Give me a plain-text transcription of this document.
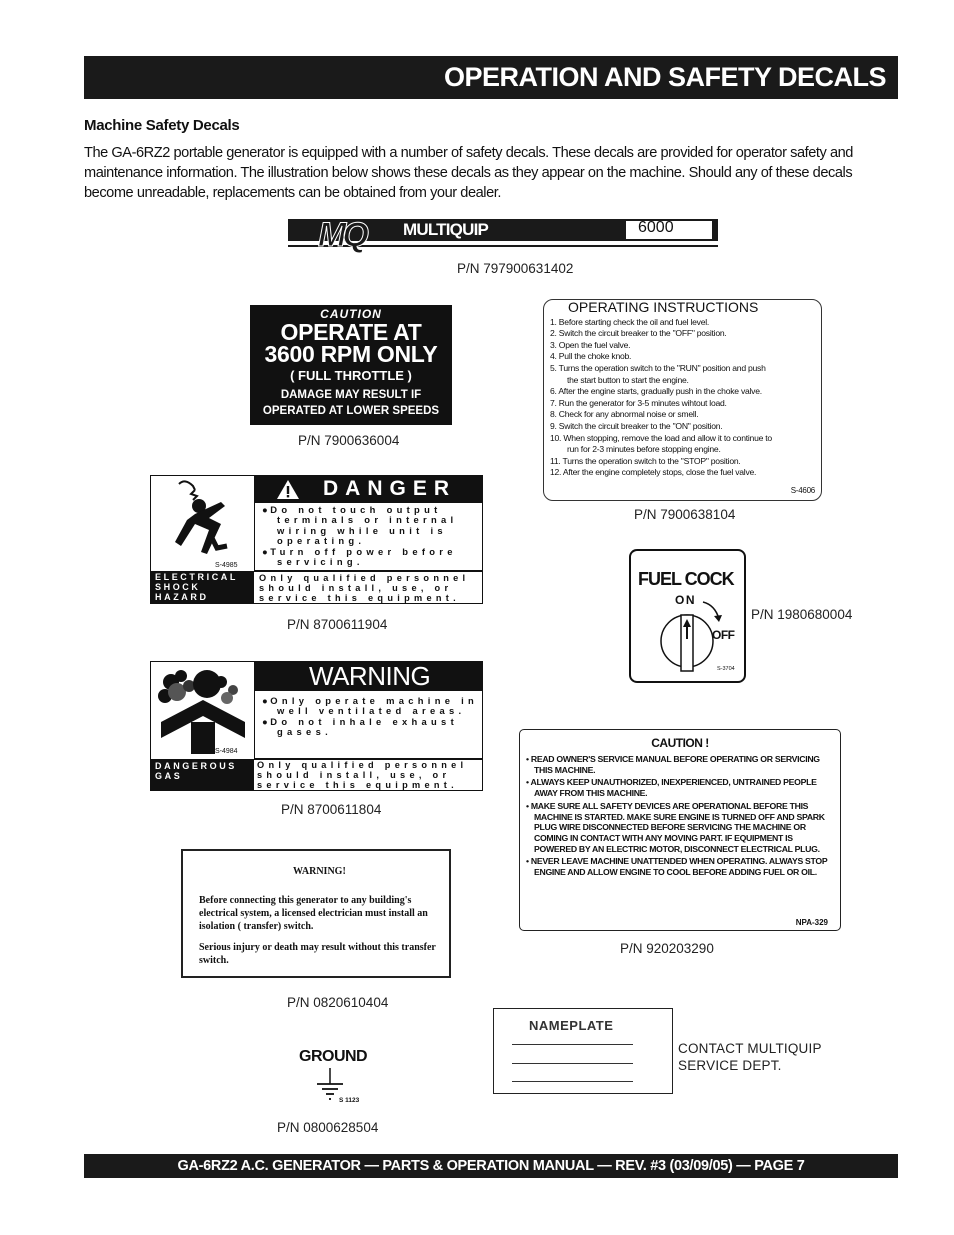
OPERATION AND SAFETY DECALS
Machine Safety Decals
The GA-6RZ2 portable generator is equipped with a number of safety decals. These decals are provided for operator safety and maintenance information. The illustration below shows these decals as they appear on the machine. Should any of these decals become unreadable, replacements can be obtained from your dealer.
MQ MULTIQUIP	6000
P/N 797900631402
CAUTION
OPERATE AT
3600 RPM ONLY
( FULL THROTTLE )
DAMAGE MAY RESULT IF
OPERATED AT LOWER SPEEDS
P/N 7900636004
OPERATING INSTRUCTIONS
1. Before starting check the oil and fuel level.
2. Switch the circuit breaker to the "OFF" position.
3. Open the fuel valve.
4. Pull the choke knob.
5. Turns the operation switch to the "RUN" position and push
the start button to start the engine.
6. After the engine starts, gradually push in the choke valve.
7. Run the generator for 3-5 minutes wihtout load.
8. Check for any abnormal noise or smell.
9. Switch the circuit breaker to the "ON" position.
10. When stopping, remove the load and allow it to continue to
run for 2-3 minutes before stopping engine.
11. Turns the operation switch to the "STOP" position.
12. After the engine completely stops, close the fuel valve.
S-4606
P/N 7900638104
S-4985
DANGER
● Do not touch output terminals or internal wiring while unit is operating.
● Turn off power before servicing.
ELECTRICAL SHOCK HAZARD
Only qualified personnel should install, use, or service this equipment.
P/N 8700611904
FUEL COCK
ON
OFF
S-3704
P/N 1980680004
S-4984
WARNING
● Only operate machine in well ventilated areas.
● Do not inhale exhaust gases.
DANGEROUS GAS
Only qualified personnel should install, use, or service this equipment.
P/N 8700611804
CAUTION !
• READ OWNER'S SERVICE MANUAL BEFORE OPERATING OR SERVICING THIS MACHINE.
• ALWAYS KEEP UNAUTHORIZED, INEXPERIENCED, UNTRAINED PEOPLE AWAY FROM THIS MACHINE.
• MAKE SURE ALL SAFETY DEVICES ARE OPERATIONAL BEFORE THIS MACHINE IS STARTED. MAKE SURE ENGINE IS TURNED OFF AND SPARK PLUG WIRE DISCONNECTED BEFORE SERVICING THE MACHINE OR COMING IN CONTACT WITH ANY MOVING PART. IF EQUIPMENT IS POWERED BY AN ELECTRIC MOTOR, DISCONNECT ELECTRICAL PLUG.
• NEVER LEAVE MACHINE UNATTENDED WHEN OPERATING. ALWAYS STOP ENGINE AND ALLOW ENGINE TO COOL BEFORE ADDING FUEL OR OIL.
NPA-329
P/N 920203290
WARNING!
Before connecting this generator to any building's electrical system, a licensed electrician must install an isolation ( transfer) switch.
Serious injury or death may result without this transfer switch.
P/N 0820610404
GROUND
S 1123
P/N 0800628504
NAMEPLATE
CONTACT MULTIQUIP
SERVICE DEPT.
GA-6RZ2 A.C. GENERATOR — PARTS & OPERATION MANUAL — REV. #3 (03/09/05) — PAGE 7
